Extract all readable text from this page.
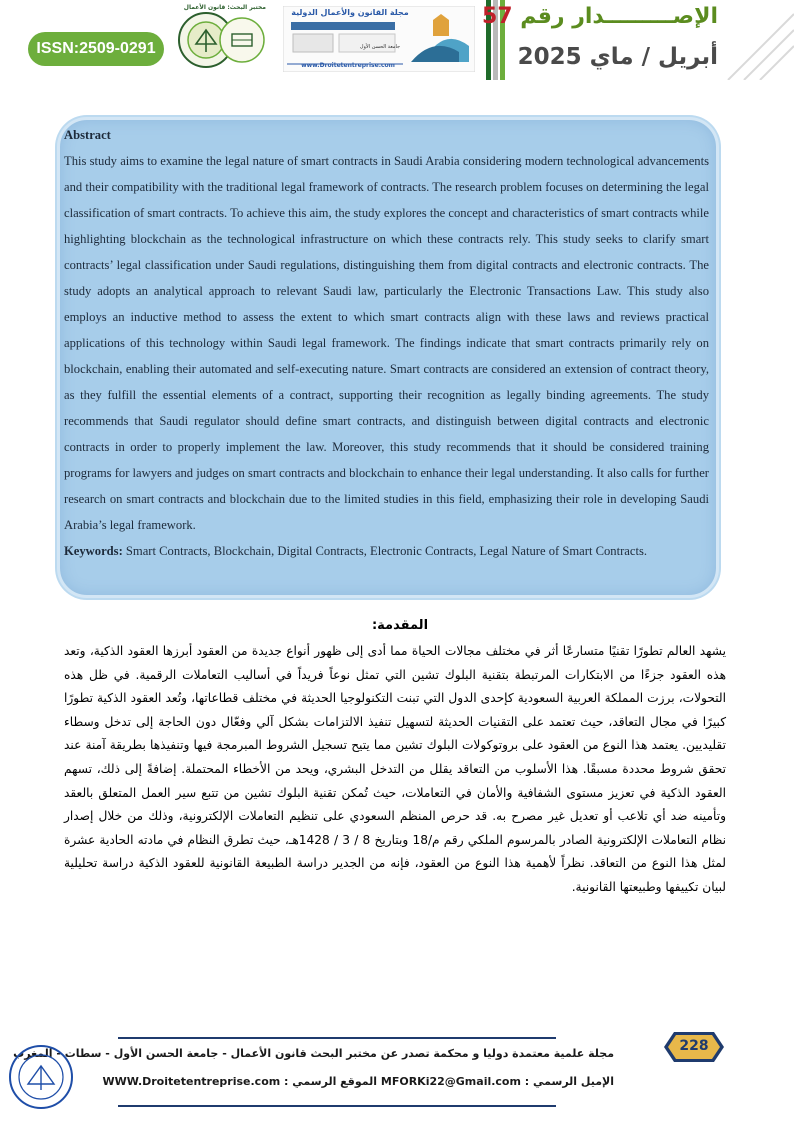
ISSN:2509-0291
مجلة القانون والأعمال الدولية
جامعة الحسن الأول
www.Droitetentreprise.com
مختبر البحث: قانون الأعمال	الإصـــــــــدار رقم 57
أبريل / ماي 2025
Abstract
This study aims to examine the legal nature of smart contracts in Saudi Arabia considering modern technological advancements and their compatibility with the traditional legal framework of contracts. The research problem focuses on determining the legal classification of smart contracts. To achieve this aim, the study explores the concept and characteristics of smart contracts while highlighting blockchain as the technological infrastructure on which these contracts rely. This study seeks to clarify smart contracts’ legal classification under Saudi regulations, distinguishing them from digital contracts and electronic contracts. The study adopts an analytical approach to relevant Saudi law, particularly the Electronic Transactions Law. This study also employs an inductive method to assess the extent to which smart contracts align with these laws and reviews practical applications of this technology within Saudi legal framework. The findings indicate that smart contracts primarily rely on blockchain, enabling their automated and self-executing nature. Smart contracts are considered an extension of contract theory, as they fulfill the essential elements of a contract, supporting their recognition as legally binding agreements. The study recommends that Saudi regulator should define smart contracts, and distinguish between digital contracts and electronic contracts in order to properly implement the law. Moreover, this study recommends that it should be considered training programs for lawyers and judges on smart contracts and blockchain to enhance their legal understanding. It also calls for further research on smart contracts and blockchain due to the limited studies in this field, emphasizing their role in developing Saudi Arabia’s legal framework.
Keywords: Smart Contracts, Blockchain, Digital Contracts, Electronic Contracts, Legal Nature of Smart Contracts.
المقدمة:
يشهد العالم تطورًا تقنيًا متسارعًا أثر في مختلف مجالات الحياة مما أدى إلى ظهور أنواع جديدة من العقود أبرزها العقود الذكية، وتعد هذه العقود جزءًا من الابتكارات المرتبطة بتقنية البلوك تشين التي تمثل نوعاً فريداً في أساليب التعاملات الرقمية. في ظل هذه التحولات، برزت المملكة العربية السعودية كإحدى الدول التي تبنت التكنولوجيا الحديثة في مختلف قطاعاتها، وتُعد العقود الذكية تطورًا كبيرًا في مجال التعاقد، حيث تعتمد على التقنيات الحديثة لتسهيل تنفيذ الالتزامات بشكل آلي وفعّال دون الحاجة إلى تدخل وسطاء تقليديين. يعتمد هذا النوع من العقود على بروتوكولات البلوك تشين مما يتيح تسجيل الشروط المبرمجة فيها وتنفيذها بطريقة آمنة عند تحقق شروط محددة مسبقًا. هذا الأسلوب من التعاقد يقلل من التدخل البشري، ويحد من الأخطاء المحتملة. إضافةً إلى ذلك، تسهم العقود الذكية في تعزيز مستوى الشفافية والأمان في التعاملات، حيث تُمكن تقنية البلوك تشين من تتبع سير العمل المتعلق بالعقد وتأمينه ضد أي تلاعب أو تعديل غير مصرح به. قد حرص المنظم السعودي على تنظيم التعاملات الإلكترونية، وذلك من خلال إصدار نظام التعاملات الإلكترونية الصادر بالمرسوم الملكي رقم م/18 وبتاريخ 8 / 3 / 1428هـ، حيث تطرق النظام في مادته الحادية عشرة لمثل هذا النوع من التعاقد. نظراً لأهمية هذا النوع من العقود، فإنه من الجدير دراسة الطبيعة القانونية للعقود الذكية دراسة تحليلية لبيان تكييفها وطبيعتها القانونية.
مجلة علمية معتمدة دوليا و محكمة تصدر عن مختبر البحث قانون الأعمال - جامعة الحسن الأول - سطات - المغرب
الإميل الرسمي : MFORKi22@Gmail.com الموقع الرسمي : WWW.Droitetentreprise.com
228
